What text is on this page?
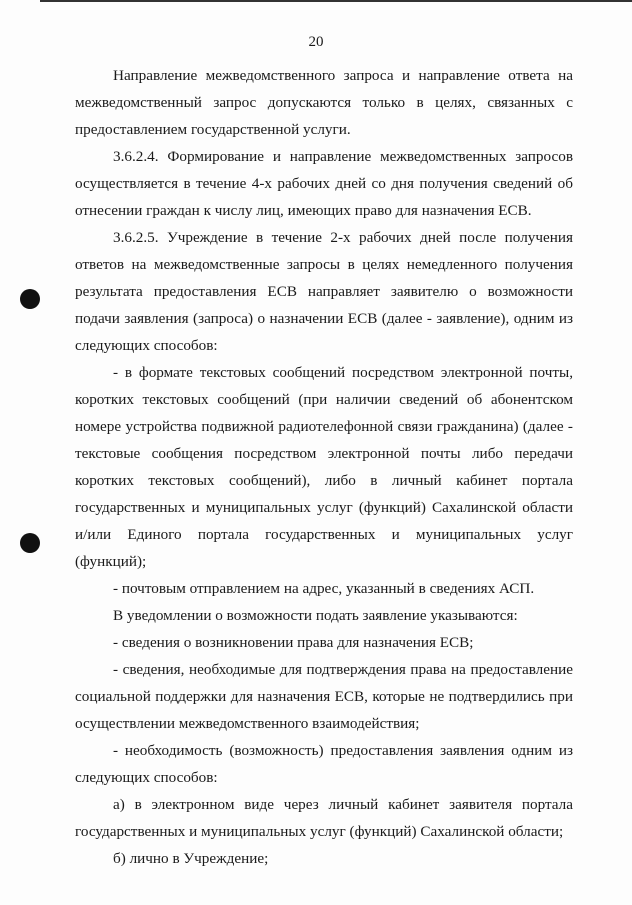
20

Направление межведомственного запроса и направление ответа на межведомственный запрос допускаются только в целях, связанных с предоставлением государственной услуги.

3.6.2.4. Формирование и направление межведомственных запросов осуществляется в течение 4-х рабочих дней со дня получения сведений об отнесении граждан к числу лиц, имеющих право для назначения ЕСВ.

3.6.2.5. Учреждение в течение 2-х рабочих дней после получения ответов на межведомственные запросы в целях немедленного получения результата предоставления ЕСВ направляет заявителю о возможности подачи заявления (запроса) о назначении ЕСВ (далее - заявление), одним из следующих способов:

- в формате текстовых сообщений посредством электронной почты, коротких текстовых сообщений (при наличии сведений об абонентском номере устройства подвижной радиотелефонной связи гражданина) (далее - текстовые сообщения посредством электронной почты либо передачи коротких текстовых сообщений), либо в личный кабинет портала государственных и муниципальных услуг (функций) Сахалинской области и/или Единого портала государственных и муниципальных услуг (функций);

- почтовым отправлением на адрес, указанный в сведениях АСП.

В уведомлении о возможности подать заявление указываются:

- сведения о возникновении права для назначения ЕСВ;

- сведения, необходимые для подтверждения права на предоставление социальной поддержки для назначения ЕСВ, которые не подтвердились при осуществлении межведомственного взаимодействия;

- необходимость (возможность) предоставления заявления одним из следующих способов:

а) в электронном виде через личный кабинет заявителя портала государственных и муниципальных услуг (функций) Сахалинской области;

б) лично в Учреждение;
